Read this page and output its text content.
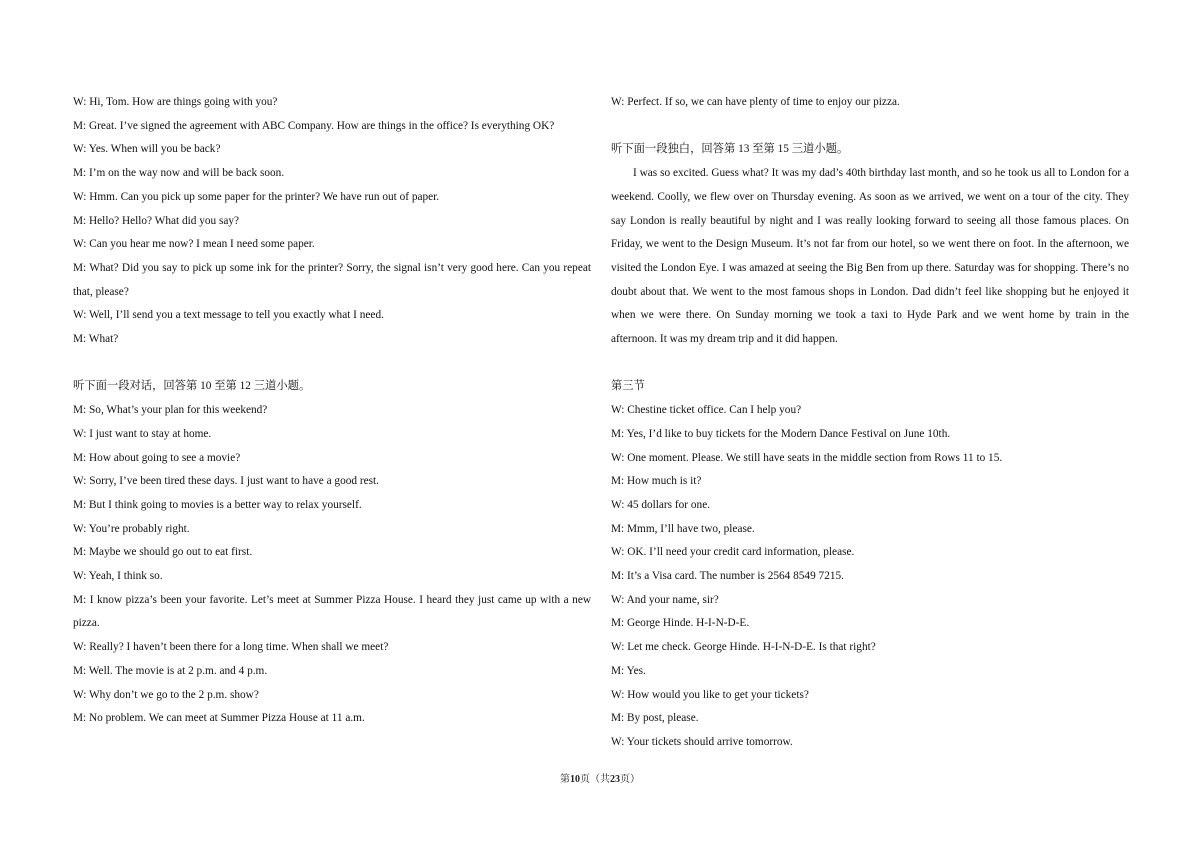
W: Hi, Tom. How are things going with you?

M: Great. I’ve signed the agreement with ABC Company. How are things in the office? Is everything OK?

W: Yes. When will you be back?

M: I’m on the way now and will be back soon.

W: Hmm. Can you pick up some paper for the printer? We have run out of paper.

M: Hello? Hello? What did you say?

W: Can you hear me now? I mean I need some paper.

M: What? Did you say to pick up some ink for the printer? Sorry, the signal isn’t very good here. Can you repeat that, please?

W: Well, I’ll send you a text message to tell you exactly what I need.

M: What?

听下面一段对话，回答第 10 至第 12 三道小题。

M: So, What’s your plan for this weekend?

W: I just want to stay at home.

M: How about going to see a movie?

W: Sorry, I’ve been tired these days. I just want to have a good rest.

M: But I think going to movies is a better way to relax yourself.

W: You’re probably right.

M: Maybe we should go out to eat first.

W: Yeah, I think so.

M: I know pizza’s been your favorite. Let’s meet at Summer Pizza House. I heard they just came up with a new pizza.

W: Really? I haven’t been there for a long time. When shall we meet?

M: Well. The movie is at 2 p.m. and 4 p.m.

W: Why don’t we go to the 2 p.m. show?

M: No problem. We can meet at Summer Pizza House at 11 a.m.

W: Perfect. If so, we can have plenty of time to enjoy our pizza.

听下面一段独白，回答第 13 至第 15 三道小题。

I was so excited. Guess what? It was my dad’s 40th birthday last month, and so he took us all to London for a weekend. Coolly, we flew over on Thursday evening. As soon as we arrived, we went on a tour of the city. They say London is really beautiful by night and I was really looking forward to seeing all those famous places. On Friday, we went to the Design Museum. It’s not far from our hotel, so we went there on foot. In the afternoon, we visited the London Eye. I was amazed at seeing the Big Ben from up there. Saturday was for shopping. There’s no doubt about that. We went to the most famous shops in London. Dad didn’t feel like shopping but he enjoyed it when we were there. On Sunday morning we took a taxi to Hyde Park and we went home by train in the afternoon. It was my dream trip and it did happen.

第三节

W: Chestine ticket office. Can I help you?

M: Yes, I’d like to buy tickets for the Modern Dance Festival on June 10th.

W: One moment. Please. We still have seats in the middle section from Rows 11 to 15.

M: How much is it?

W: 45 dollars for one.

M: Mmm, I’ll have two, please.

W: OK. I’ll need your credit card information, please.

M: It’s a Visa card. The number is 2564 8549 7215.

W: And your name, sir?

M: George Hinde. H-I-N-D-E.

W: Let me check. George Hinde. H-I-N-D-E. Is that right?

M: Yes.

W: How would you like to get your tickets?

M: By post, please.

W: Your tickets should arrive tomorrow.

第10页（共23页）
